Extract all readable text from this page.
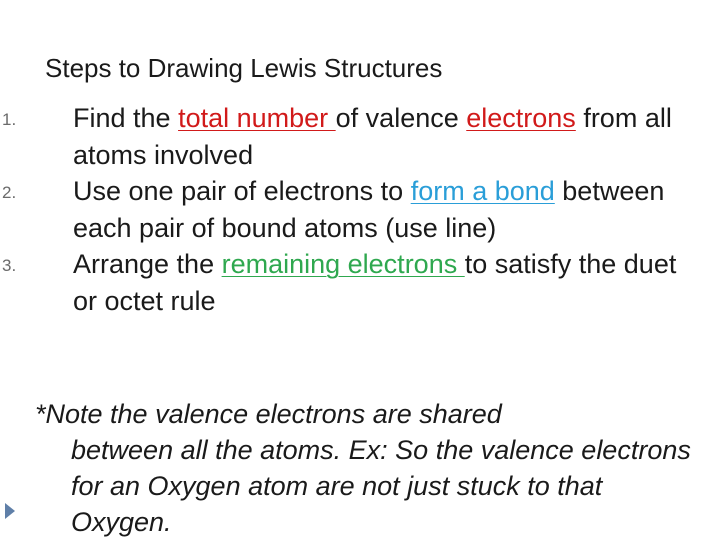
Steps to Drawing Lewis Structures
1. Find the total number of valence electrons from all atoms involved
2. Use one pair of electrons to form a bond between each pair of bound atoms (use line)
3. Arrange the remaining electrons to satisfy the duet or octet rule
*Note the valence electrons are shared
between all the atoms. Ex: So the valence electrons for an Oxygen atom are not just stuck to that Oxygen.
